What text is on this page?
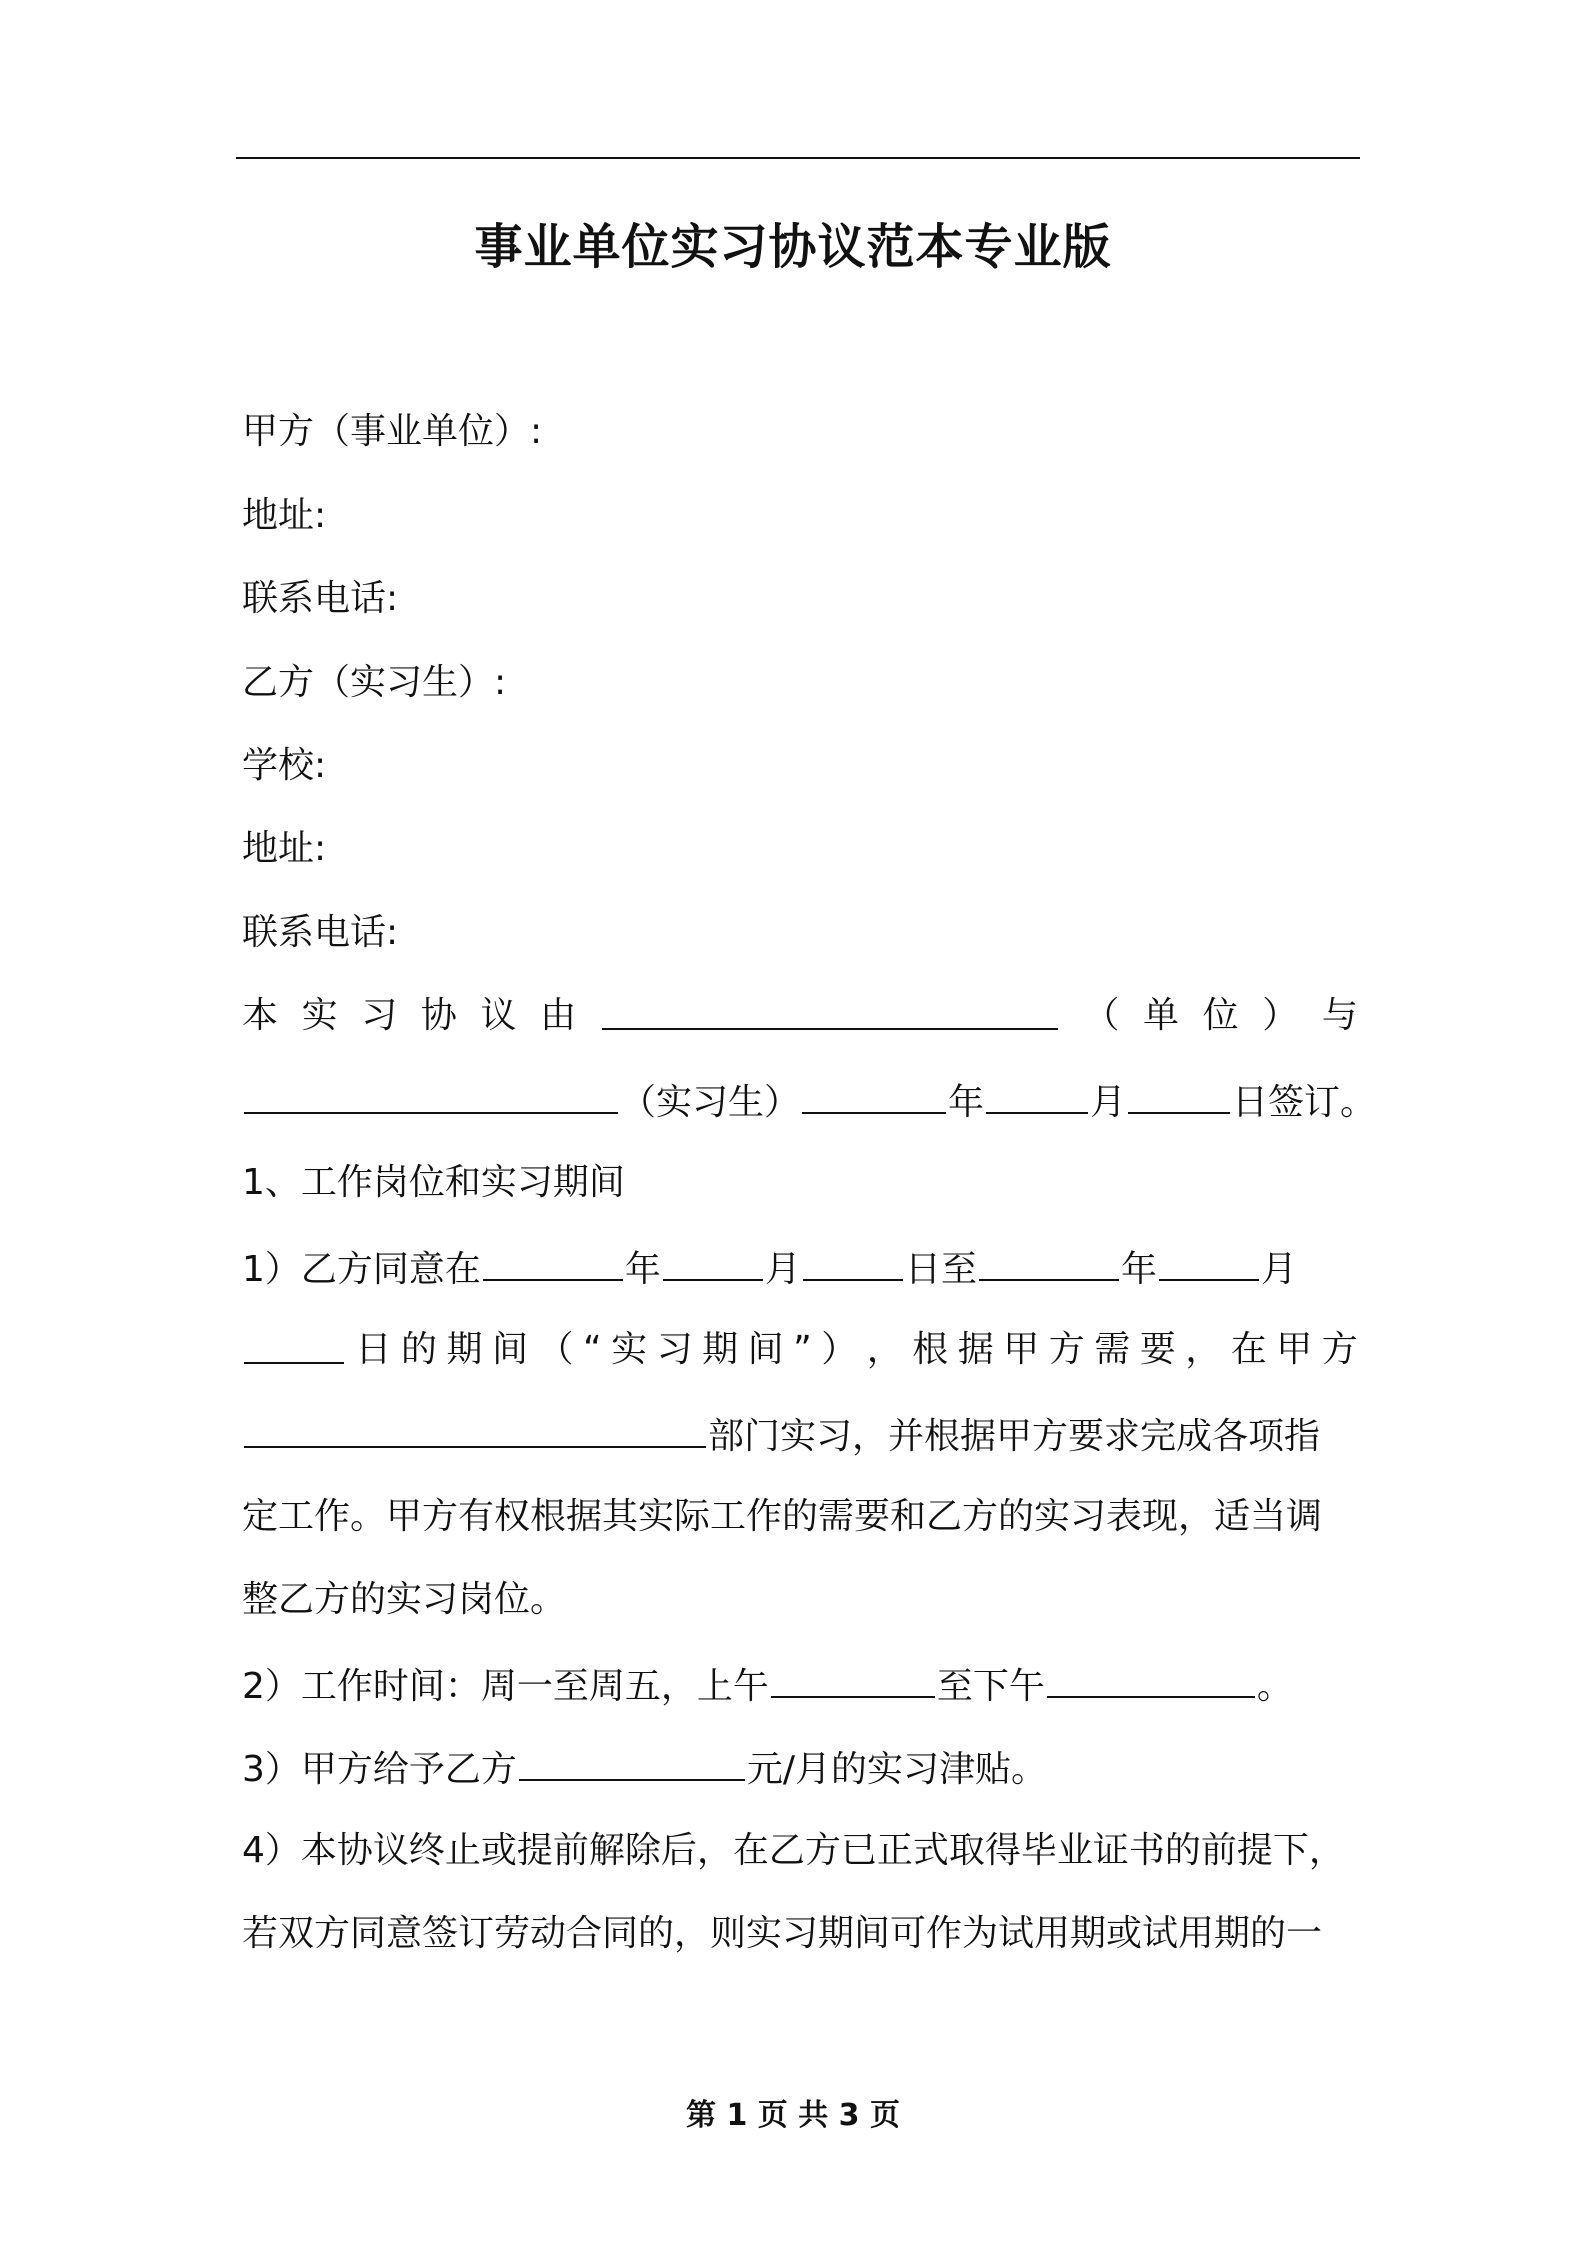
事业单位实习协议范本专业版
甲方（事业单位）:
地址:
联系电话:
乙方（实习生）:
学校:
地址:
联系电话:
本 实 习 协 议 由	（ 单 位 ） 与
（实习生）	年	月	日签订。
1、工作岗位和实习期间
1）乙方同意在	年	月	日至	年	月
日 的 期 间 （ “ 实 习 期 间 ” ） ， 根 据 甲 方 需 要 ， 在 甲 方
部门实习，并根据甲方要求完成各项指
定工作。甲方有权根据其实际工作的需要和乙方的实习表现，适当调
整乙方的实习岗位。
2）工作时间：周一至周五，上午	至下午	。
3）甲方给予乙方	元/月的实习津贴。
4）本协议终止或提前解除后，在乙方已正式取得毕业证书的前提下，
若双方同意签订劳动合同的，则实习期间可作为试用期或试用期的一
第 1 页 共 3 页
